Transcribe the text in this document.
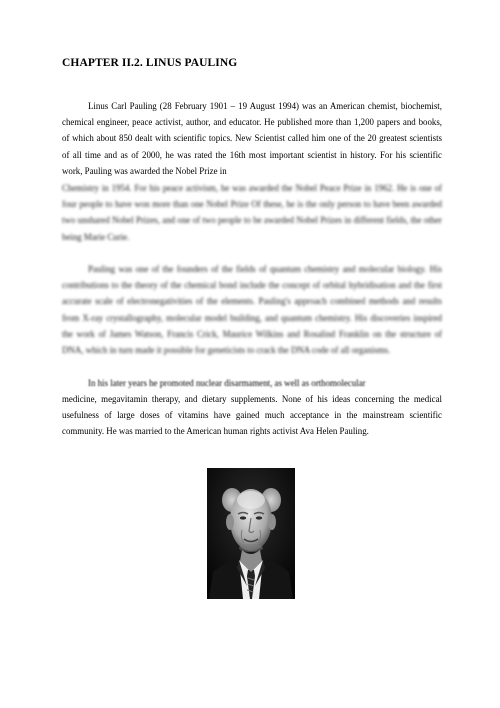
CHAPTER II.2. LINUS PAULING

Linus Carl Pauling (28 February 1901 – 19 August 1994) was an American chemist, biochemist, chemical engineer, peace activist, author, and educator. He published more than 1,200 papers and books, of which about 850 dealt with scientific topics. New Scientist called him one of the 20 greatest scientists of all time and as of 2000, he was rated the 16th most important scientist in history. For his scientific work, Pauling was awarded the Nobel Prize in

Chemistry in 1954. For his peace activism, he was awarded the Nobel Peace Prize in 1962. He is one of four people to have won more than one Nobel Prize Of these, he is the only person to have been awarded two unshared Nobel Prizes, and one of two people to be awarded Nobel Prizes in different fields, the other being Marie Curie.

Pauling was one of the founders of the fields of quantum chemistry and molecular biology. His contributions to the theory of the chemical bond include the concept of orbital hybridisation and the first accurate scale of electronegativities of the elements. Pauling's approach combined methods and results from X-ray crystallography, molecular model building, and quantum chemistry. His discoveries inspired the work of James Watson, Francis Crick, Maurice Wilkins and Rosalind Franklin on the structure of DNA, which in turn made it possible for geneticists to crack the DNA code of all organisms.

In his later years he promoted nuclear disarmament, as well as orthomolecular

medicine, megavitamin therapy, and dietary supplements. None of his ideas concerning the medical usefulness of large doses of vitamins have gained much acceptance in the mainstream scientific community. He was married to the American human rights activist Ava Helen Pauling.
